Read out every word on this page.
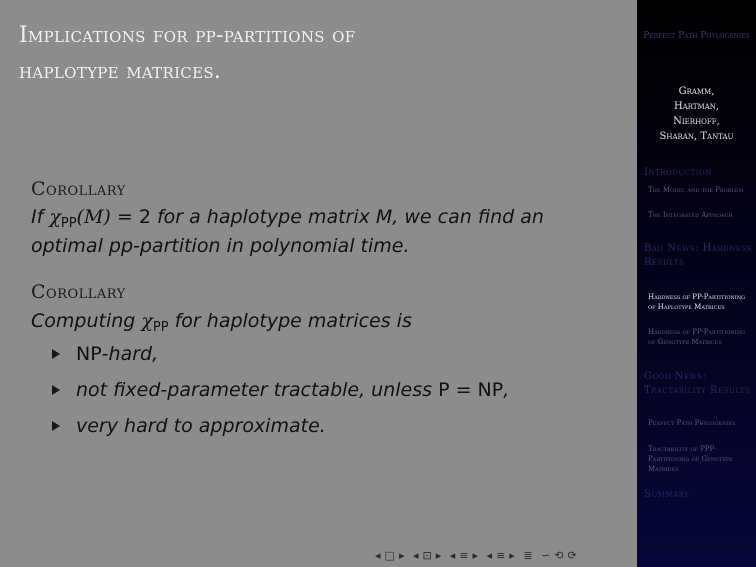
Implications for pp-partitions of
haplotype matrices.
Corollary
If $\chi_{PP}(M) = 2$ for a haplotype matrix M, we can find an
optimal pp-partition in polynomial time.
Corollary
Computing $\chi_{PP}$ for haplotype matrices is
NP-hard,
not fixed-parameter tractable, unless P = NP,
very hard to approximate.
◂ □ ▸ ◂ ⊡ ▸ ◂ ≡ ▸ ◂ ≡ ▸ ≣ ∽ ⟲ ⟳
Perfect Path Phylogenies
Gramm,
Hartman,
Nierhoff,
Sharan, Tantau
Introduction
The Model and the Problem
The Integrated Approach
Bad News: Hardness Results
Hardness of PP-Partitioning of Haplotype Matrices
Hardness of PP-Partitioning of Genotype Matrices
Good News: Tractability Results
Perfect Path Phylogenies
Tractability of PPP-Partitioning of Genotype Matrices
Summary
